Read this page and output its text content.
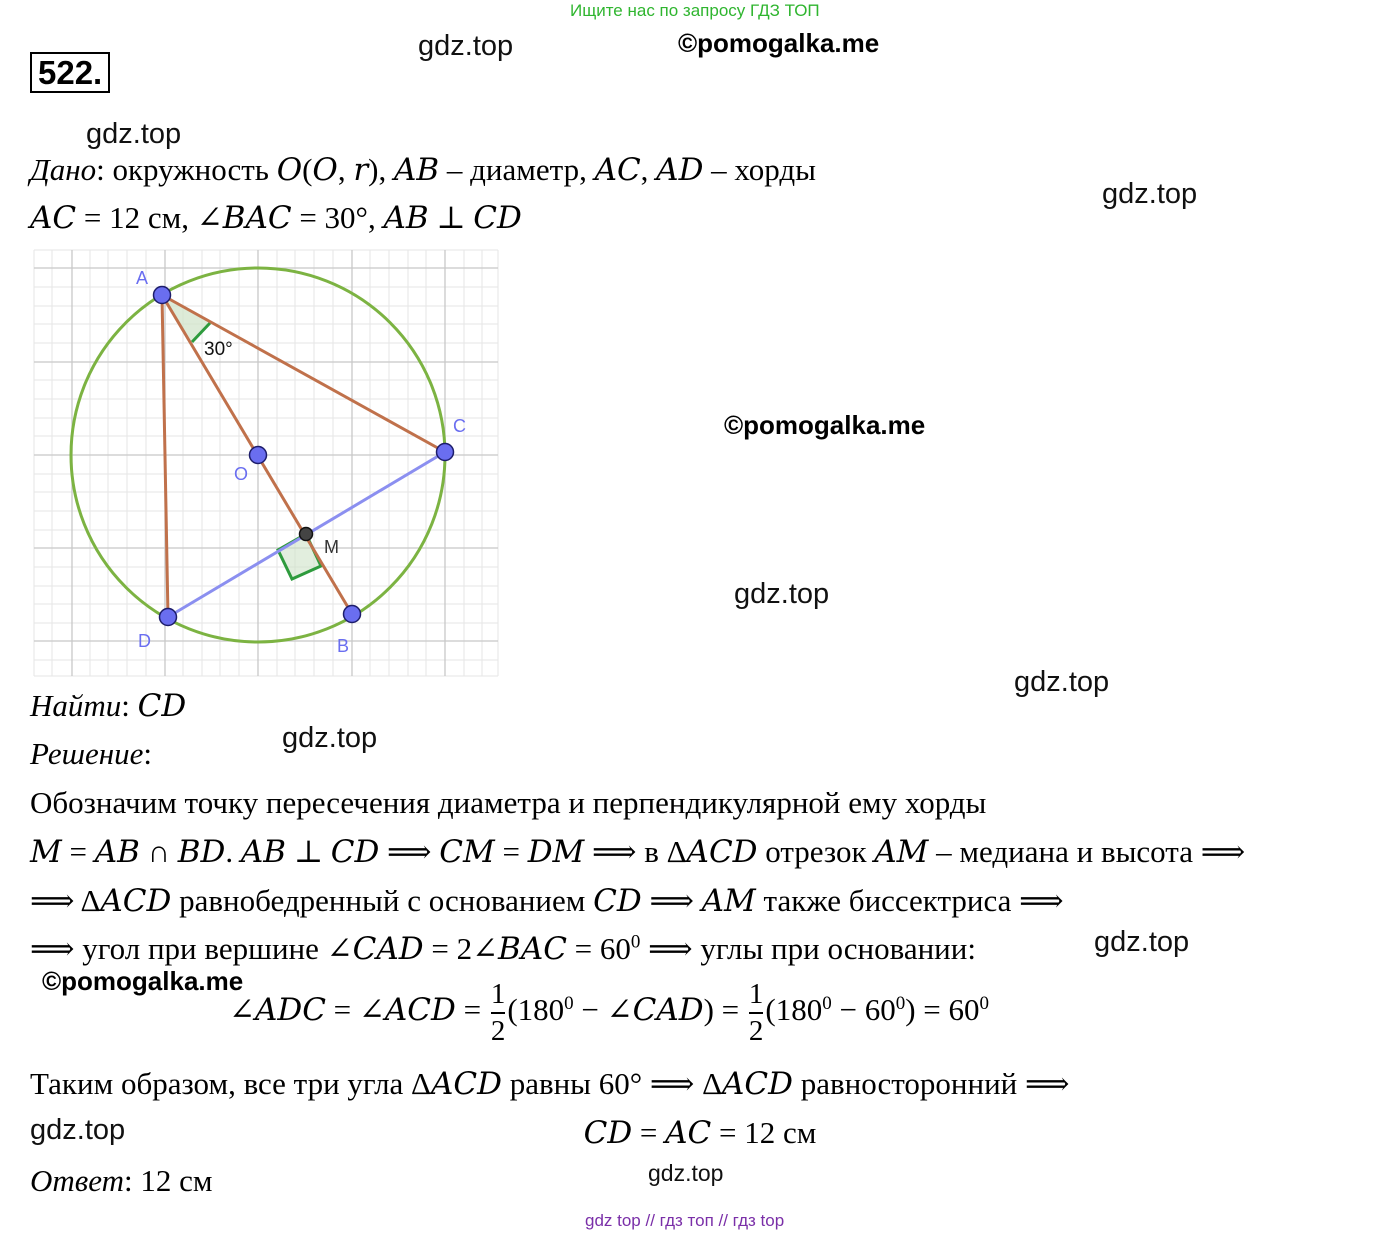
Ищите нас по запросу ГДЗ ТОП
522.
gdz.top	©pomogalka.me
gdz.top
gdz.top
©pomogalka.me
gdz.top
gdz.top
gdz.top
gdz.top
©pomogalka.me
gdz.top
gdz.top
Дано: окружность 𝑂(𝑂, 𝑟), 𝐴𝐵 – диаметр, 𝐴𝐶, 𝐴𝐷 – хорды
𝐴𝐶 = 12 см, ∠𝐵𝐴𝐶 = 30°, 𝐴𝐵 ⊥ 𝐶𝐷
A
C
O
D	B
M
30°
Найти: 𝐶𝐷
Решение:
Обозначим точку пересечения диаметра и перпендикулярной ему хорды
𝑀 = 𝐴𝐵 ∩ 𝐵𝐷. 𝐴𝐵 ⊥ 𝐶𝐷 ⟹ 𝐶𝑀 = 𝐷𝑀 ⟹ в Δ𝐴𝐶𝐷 отрезок 𝐴𝑀 – медиана и высота ⟹
⟹ Δ𝐴𝐶𝐷 равнобедренный с основанием 𝐶𝐷 ⟹ 𝐴𝑀 также биссектриса ⟹
⟹ угол при вершине ∠𝐶𝐴𝐷 = 2∠𝐵𝐴𝐶 = $60^0$ ⟹ углы при основании:
∠𝐴𝐷𝐶 = ∠𝐴𝐶𝐷 = $\frac{1}{2} (180^0$ − ∠𝐶𝐴𝐷) = $\frac{1}{2} (180^0 - 60^0) = 60^0$
Таким образом, все три угла Δ𝐴𝐶𝐷 равны 60° ⟹ Δ𝐴𝐶𝐷 равносторонний ⟹
𝐶𝐷 = 𝐴𝐶 = 12 см
Ответ: 12 см
gdz top // гдз топ // гдз top
